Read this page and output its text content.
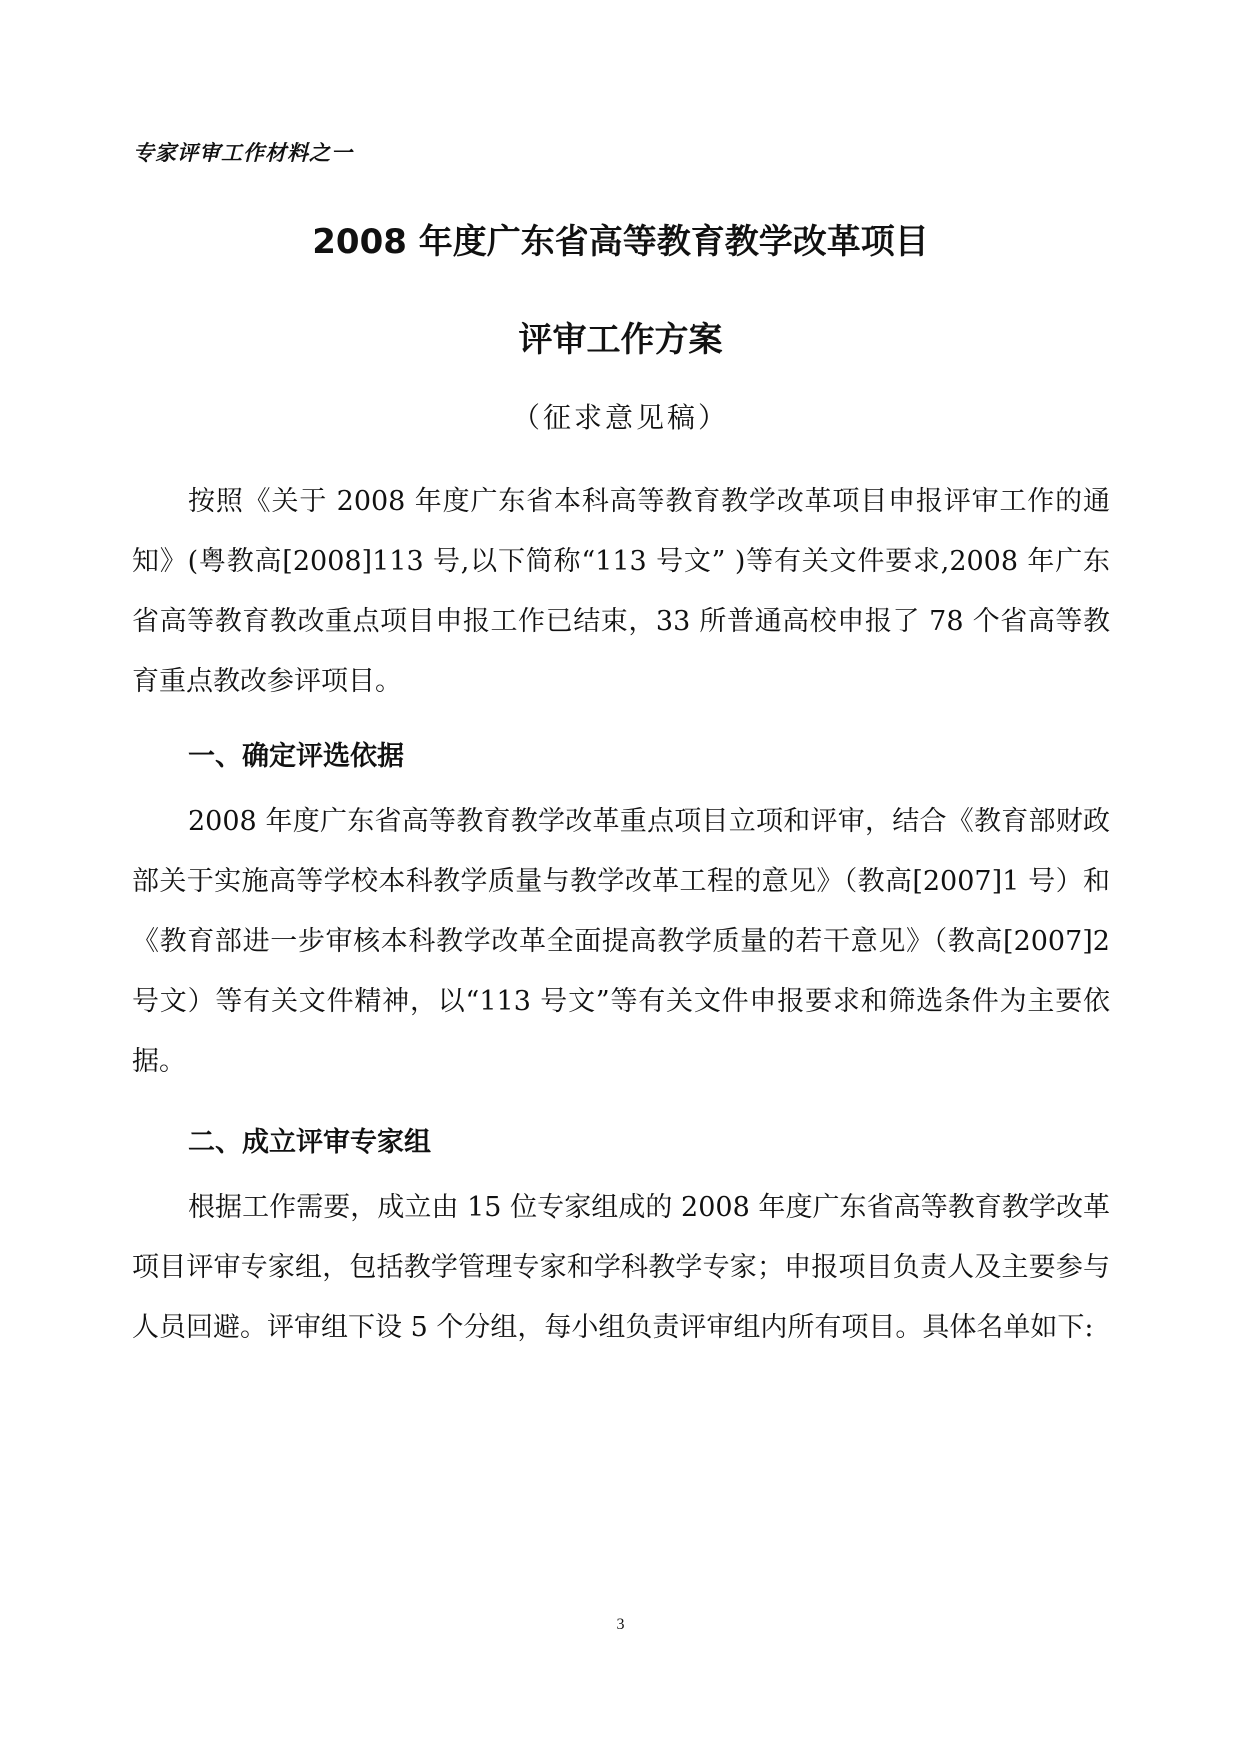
专家评审工作材料之一
2008 年度广东省高等教育教学改革项目
评审工作方案
（征求意见稿）

按照《关于 2008 年度广东省本科高等教育教学改革项目申报评审工作的通知》(粤教高[2008]113 号,以下简称“113 号文” )等有关文件要求,2008 年广东省高等教育教改重点项目申报工作已结束，33 所普通高校申报了 78 个省高等教育重点教改参评项目。

一、确定评选依据

2008 年度广东省高等教育教学改革重点项目立项和评审，结合《教育部财政部关于实施高等学校本科教学质量与教学改革工程的意见》（教高[2007]1 号）和《教育部进一步审核本科教学改革全面提高教学质量的若干意见》（教高[2007]2 号文）等有关文件精神，以“113 号文”等有关文件申报要求和筛选条件为主要依据。

二、成立评审专家组

根据工作需要，成立由 15 位专家组成的 2008 年度广东省高等教育教学改革项目评审专家组，包括教学管理专家和学科教学专家；申报项目负责人及主要参与人员回避。评审组下设 5 个分组，每小组负责评审组内所有项目。具体名单如下:

3
